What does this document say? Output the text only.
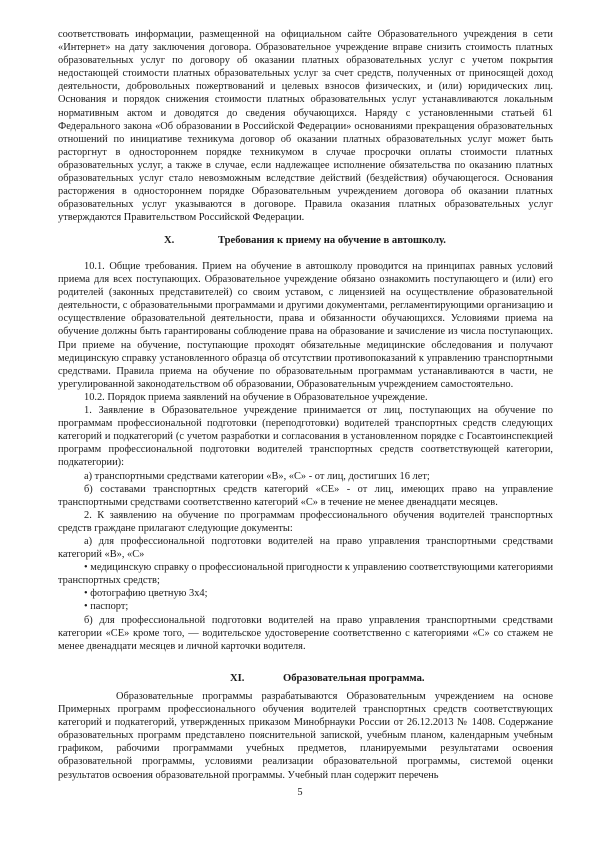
соответствовать информации, размещенной на официальном сайте Образовательного учреждения в сети «Интернет» на дату заключения договора. Образовательное учреждение вправе снизить стоимость платных образовательных услуг по договору об оказании платных образовательных услуг с учетом покрытия недостающей стоимости платных образовательных услуг за счет средств, полученных от приносящей доход деятельности, добровольных пожертвований и целевых взносов физических, и (или) юридических лиц. Основания и порядок снижения стоимости платных образовательных услуг устанавливаются локальным нормативным актом и доводятся до сведения обучающихся. Наряду с установленными статьей 61 Федерального закона «Об образовании в Российской Федерации» основаниями прекращения образовательных отношений по инициативе техникума договор об оказании платных образовательных услуг может быть расторгнут в одностороннем порядке техникумом в случае просрочки оплаты стоимости платных образовательных услуг, а также в случае, если надлежащее исполнение обязательства по оказанию платных образовательных услуг стало невозможным вследствие действий (бездействия) обучающегося. Основания расторжения в одностороннем порядке Образовательным учреждением договора об оказании платных образовательных услуг указываются в договоре. Правила оказания платных образовательных услуг утверждаются Правительством Российской Федерации.

X.	Требования к приему на обучение в автошколу.

10.1. Общие требования. Прием на обучение в автошколу проводится на принципах равных условий приема для всех поступающих. Образовательное учреждение обязано ознакомить поступающего и (или) его родителей (законных представителей) со своим уставом, с лицензией на осуществление образовательной деятельности, с образовательными программами и другими документами, регламентирующими организацию и осуществление образовательной деятельности, права и обязанности обучающихся. Условиями приема на обучение должны быть гарантированы соблюдение права на образование и зачисление из числа поступающих. При приеме на обучение, поступающие проходят обязательные медицинские обследования и получают медицинскую справку установленного образца об отсутствии противопоказаний к управлению транспортными средствами. Правила приема на обучение по образовательным программам устанавливаются в части, не урегулированной законодательством об образовании, Образовательным учреждением самостоятельно.

10.2. Порядок приема заявлений на обучение в Образовательное учреждение.

1. Заявление в Образовательное учреждение принимается от лиц, поступающих на обучение по программам профессиональной подготовки (переподготовки) водителей транспортных средств следующих категорий и подкатегорий (с учетом разработки и согласования в установленном порядке с Госавтоинспекцией программ профессиональной подготовки водителей транспортных средств соответствующей категории, подкатегории):

а) транспортными средствами категории «В», «С» - от лиц, достигших 16 лет;

б) составами транспортных средств категорий «СЕ» - от лиц, имеющих право на управление транспортными средствами соответственно категорий «С» в течение не менее двенадцати месяцев.

2. К заявлению на обучение по программам профессионального обучения водителей транспортных средств граждане прилагают следующие документы:

а) для профессиональной подготовки водителей на право управления транспортными средствами категорий «В», «С»

• медицинскую справку о профессиональной пригодности к управлению соответствующими категориями транспортных средств;

• фотографию цветную 3х4;

• паспорт;

б) для профессиональной подготовки водителей на право управления транспортными средствами категории «СЕ» кроме того, — водительское удостоверение соответственно с категориями «С» со стажем не менее двенадцати месяцев и личной карточки водителя.

XI.	Образовательная программа.

Образовательные программы разрабатываются Образовательным учреждением на основе Примерных программ профессионального обучения водителей транспортных средств соответствующих категорий и подкатегорий, утвержденных приказом Минобрнауки России от 26.12.2013 № 1408. Содержание образовательных программ представлено пояснительной запиской, учебным планом, календарным учебным графиком, рабочими программами учебных предметов, планируемыми результатами освоения образовательной программы, условиями реализации образовательной программы, системой оценки результатов освоения образовательной программы. Учебный план содержит перечень

5
